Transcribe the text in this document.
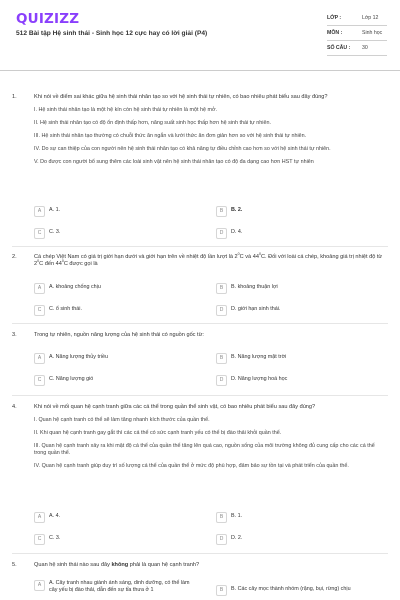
QUIZIZZ
512 Bài tập Hệ sinh thái - Sinh học 12 cực hay có lời giải (P4)
LỚP :	Lớp 12
MÔN :	Sinh học
SỐ CÂU : 30
1.	Khi nói về điểm sai khác giữa hệ sinh thái nhân tạo so với hệ sinh thái tự nhiên, có bao nhiêu phát biểu sau đây đúng?
I. Hệ sinh thái nhân tạo là một hệ kín còn hệ sinh thái tự nhiên là một hệ mở.
II. Hệ sinh thái nhân tạo có độ ổn định thấp hơn, năng suất sinh học thấp hơn hệ sinh thái tự nhiên.
III. Hệ sinh thái nhân tạo thường có chuỗi thức ăn ngắn và lưới thức ăn đơn giản hơn so với hệ sinh thái tự nhiên.
IV. Do sự can thiệp của con người nên hệ sinh thái nhân tạo có khả năng tự điều chỉnh cao hơn so với hệ sinh thái tự nhiên.
V. Do được con người bổ sung thêm các loài sinh vật nên hệ sinh thái nhân tạo có độ đa dạng cao hơn HST tự nhiên
A	A. 1.	B	B. 2.
C	C. 3.	D	D. 4.
2.	Cá chép Việt Nam có giá trị giới hạn dưới và giới hạn trên về nhiệt độ lần lượt là $2^0C$ và $44^0C$. Đối với loài cá chép, khoảng giá trị nhiệt độ từ $2^0C$ đến $44^0C$ được gọi là
A	A. khoảng chống chịu	B	B. khoảng thuận lợi
C	C. ổ sinh thái.	D	D. giới hạn sinh thái.
3.	Trong tự nhiên, nguồn năng lượng của hệ sinh thái có nguồn gốc từ:
A	A. Năng lượng thủy triều	B	B. Năng lượng mặt trời
C	C. Năng lượng gió	D	D. Năng lượng hoá học
4.	Khi nói về mối quan hệ cạnh tranh giữa các cá thể trong quần thể sinh vật, có bao nhiêu phát biểu sau đây đúng?
I. Quan hệ cạnh tranh có thể sẽ làm tăng nhanh kích thước của quần thể.
II. Khi quan hệ cạnh tranh gay gắt thì các cá thể có sức cạnh tranh yếu có thể bị đào thải khỏi quần thể.
III. Quan hệ cạnh tranh xảy ra khi mật độ cá thể của quần thể tăng lên quá cao, nguồn sống của môi trường không đủ cung cấp cho các cá thể trong quần thể.
IV. Quan hệ cạnh tranh giúp duy trì số lượng cá thể của quần thể ở mức độ phù hợp, đảm bảo sự tồn tại và phát triển của quần thể.
A	A. 4.	B	B. 1.
C	C. 3.	D	D. 2.
5.	Quan hệ sinh thái nào sau đây không phải là quan hệ cạnh tranh?
A	A. Cây tranh nhau giành ánh sáng, dinh dưỡng, có thể làm cây yếu bị đào thải, dẫn đến sự tỉa thưa ở 1	B	B. Các cây mọc thành nhóm (rặng, bụi, rừng) chịu
